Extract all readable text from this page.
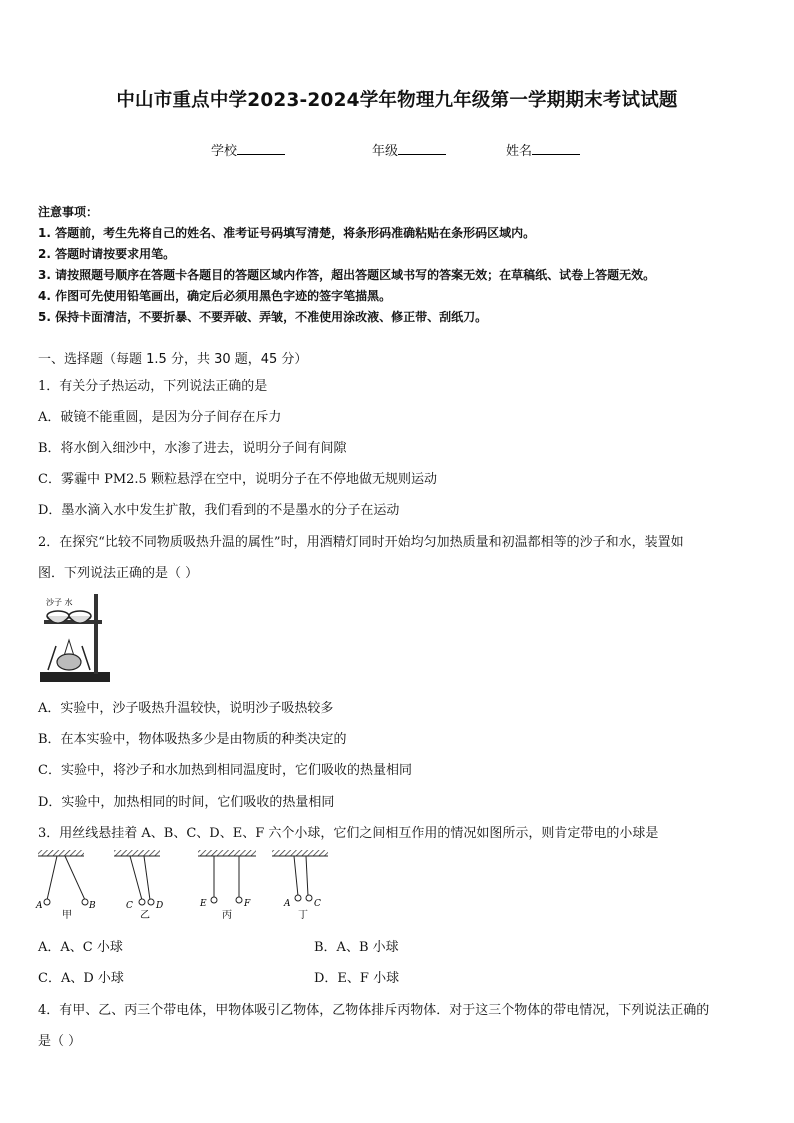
中山市重点中学2023-2024学年物理九年级第一学期期末考试试题
学校	年级	姓名
注意事项：
1. 答题前，考生先将自己的姓名、准考证号码填写清楚，将条形码准确粘贴在条形码区域内。
2. 答题时请按要求用笔。
3. 请按照题号顺序在答题卡各题目的答题区域内作答，超出答题区域书写的答案无效；在草稿纸、试卷上答题无效。
4. 作图可先使用铅笔画出，确定后必须用黑色字迹的签字笔描黑。
5. 保持卡面清洁，不要折暴、不要弄破、弄皱，不准使用涂改液、修正带、刮纸刀。
一、选择题（每题 1.5 分，共 30 题，45 分）
1．有关分子热运动，下列说法正确的是
A．破镜不能重圆，是因为分子间存在斥力
B．将水倒入细沙中，水渗了进去，说明分子间有间隙
C．雾霾中 PM2.5 颗粒悬浮在空中，说明分子在不停地做无规则运动
D．墨水滴入水中发生扩散，我们看到的不是墨水的分子在运动
2．在探究“比较不同物质吸热升温的属性”时，用酒精灯同时开始均匀加热质量和初温都相等的沙子和水，装置如
图．下列说法正确的是（ ）
沙子 水
A．实验中，沙子吸热升温较快，说明沙子吸热较多
B．在本实验中，物体吸热多少是由物质的种类决定的
C．实验中，将沙子和水加热到相同温度时，它们吸收的热量相同
D．实验中，加热相同的时间，它们吸收的热量相同
3．用丝线悬挂着 A、B、C、D、E、F 六个小球，它们之间相互作用的情况如图所示，则肯定带电的小球是
A	B
甲
C	D
乙
E	F
丙
A	C
丁
A．A、C 小球	B．A、B 小球
C．A、D 小球	D．E、F 小球
4．有甲、乙、丙三个带电体，甲物体吸引乙物体，乙物体排斥丙物体．对于这三个物体的带电情况，下列说法正确的
是（ ）
